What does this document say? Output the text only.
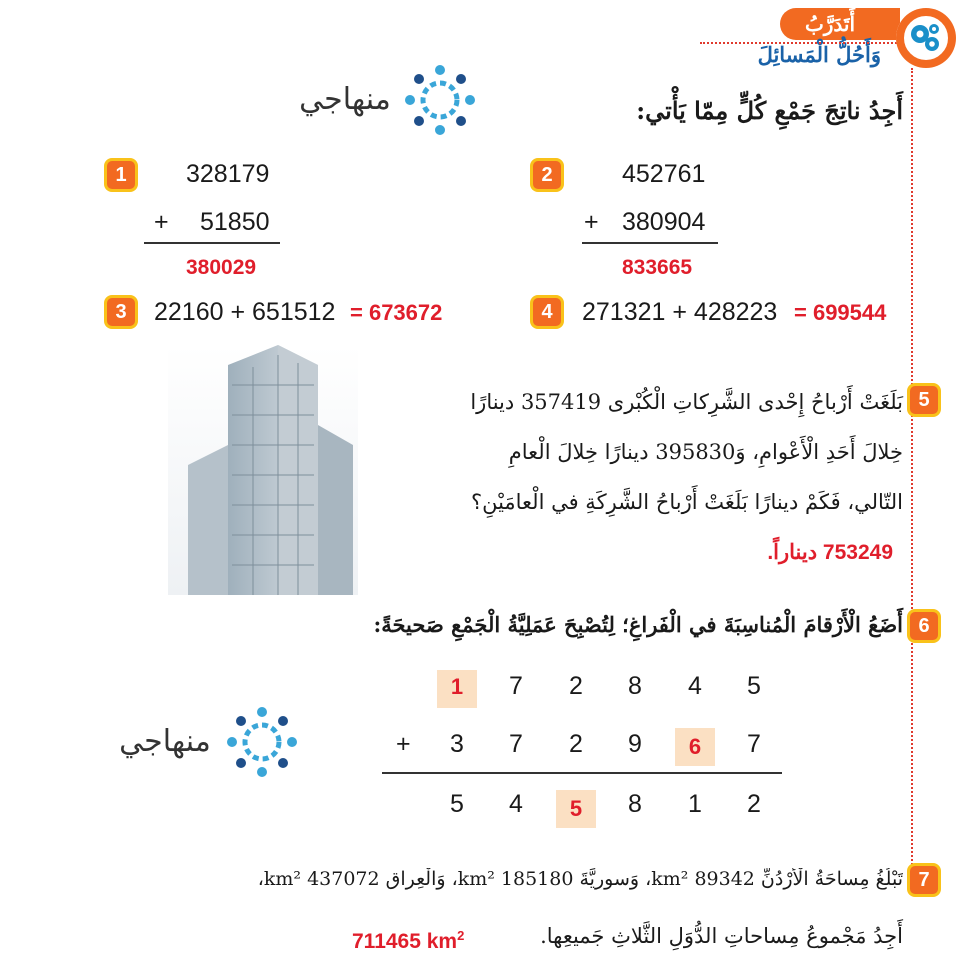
أَتَدَرَّبُ
وَأَحُلُّ الْمَسائِلَ
منهاجي	أَجِدُ ناتِجَ جَمْعِ كُلٍّ مِمّا يَأْتي:
1	328179
+ 51850
380029
2	452761
+ 380904
833665
3	22160 + 651512 = 673672	4	271321 + 428223 = 699544
5
بَلَغَتْ أَرْباحُ إِحْدى الشَّرِكاتِ الْكُبْرى 357419 دينارًا
خِلالَ أَحَدِ الْأَعْوامِ، وَ395830 دينارًا خِلالَ الْعامِ
التّالي، فَكَمْ دينارًا بَلَغَتْ أَرْباحُ الشَّرِكَةِ في الْعامَيْنِ؟
753249 ديناراً.
6
أَضَعُ الْأَرْقامَ الْمُناسِبَةَ في الْفَراغِ؛ لِتُصْبِحَ عَمَلِيَّةُ الْجَمْعِ صَحيحَةً:
منهاجي
1	7	2	8	4	5
+	3	7	2	9	6	7
5	4	5	8	1	2
7
تَبْلُغُ مِساحَةُ الْأُرْدُنِّ 89342 km²، وَسورِيَّةَ 185180 km²، وَالْعِراقِ 437072 km²،
أَجِدُ مَجْموعُ مِساحاتِ الدُّوَلِ الثَّلاثِ جَميعِها.
711465 $km^2$
